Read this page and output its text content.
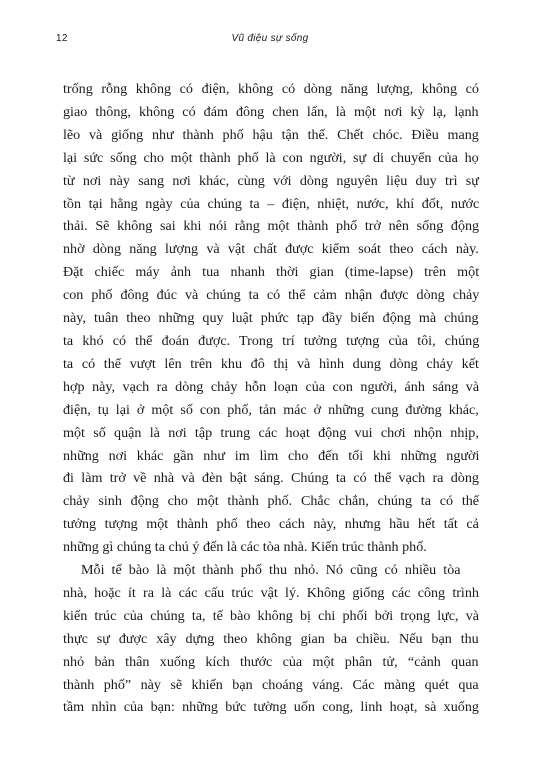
12	Vũ điệu sự sống

trống rỗng không có điện, không có dòng năng lượng, không có
giao thông, không có đám đông chen lấn, là một nơi kỳ lạ, lạnh
lẽo và giống như thành phố hậu tận thế. Chết chóc. Điều mang
lại sức sống cho một thành phố là con người, sự di chuyển của họ
từ nơi này sang nơi khác, cùng với dòng nguyên liệu duy trì sự
tồn tại hằng ngày của chúng ta – điện, nhiệt, nước, khí đốt, nước
thải. Sẽ không sai khi nói rằng một thành phố trở nên sống động
nhờ dòng năng lượng và vật chất được kiểm soát theo cách này.
Đặt chiếc máy ảnh tua nhanh thời gian (time-lapse) trên một
con phố đông đúc và chúng ta có thể cảm nhận được dòng chảy
này, tuân theo những quy luật phức tạp đầy biến động mà chúng
ta khó có thể đoán được. Trong trí tưởng tượng của tôi, chúng
ta có thể vượt lên trên khu đô thị và hình dung dòng chảy kết
hợp này, vạch ra dòng chảy hỗn loạn của con người, ánh sáng và
điện, tụ lại ở một số con phố, tản mác ở những cung đường khác,
một số quận là nơi tập trung các hoạt động vui chơi nhộn nhịp,
những nơi khác gần như im lìm cho đến tối khi những người
đi làm trở về nhà và đèn bật sáng. Chúng ta có thể vạch ra dòng
chảy sinh động cho một thành phố. Chắc chắn, chúng ta có thể
tưởng tượng một thành phố theo cách này, nhưng hầu hết tất cả
những gì chúng ta chú ý đến là các tòa nhà. Kiến trúc thành phố.

Mỗi tế bào là một thành phố thu nhỏ. Nó cũng có nhiều tòa
nhà, hoặc ít ra là các cấu trúc vật lý. Không giống các công trình
kiến trúc của chúng ta, tế bào không bị chi phối bởi trọng lực, và
thực sự được xây dựng theo không gian ba chiều. Nếu bạn thu
nhỏ bản thân xuống kích thước của một phân tử, “cảnh quan
thành phố” này sẽ khiến bạn choáng váng. Các màng quét qua
tầm nhìn của bạn: những bức tường uốn cong, linh hoạt, sà xuống
